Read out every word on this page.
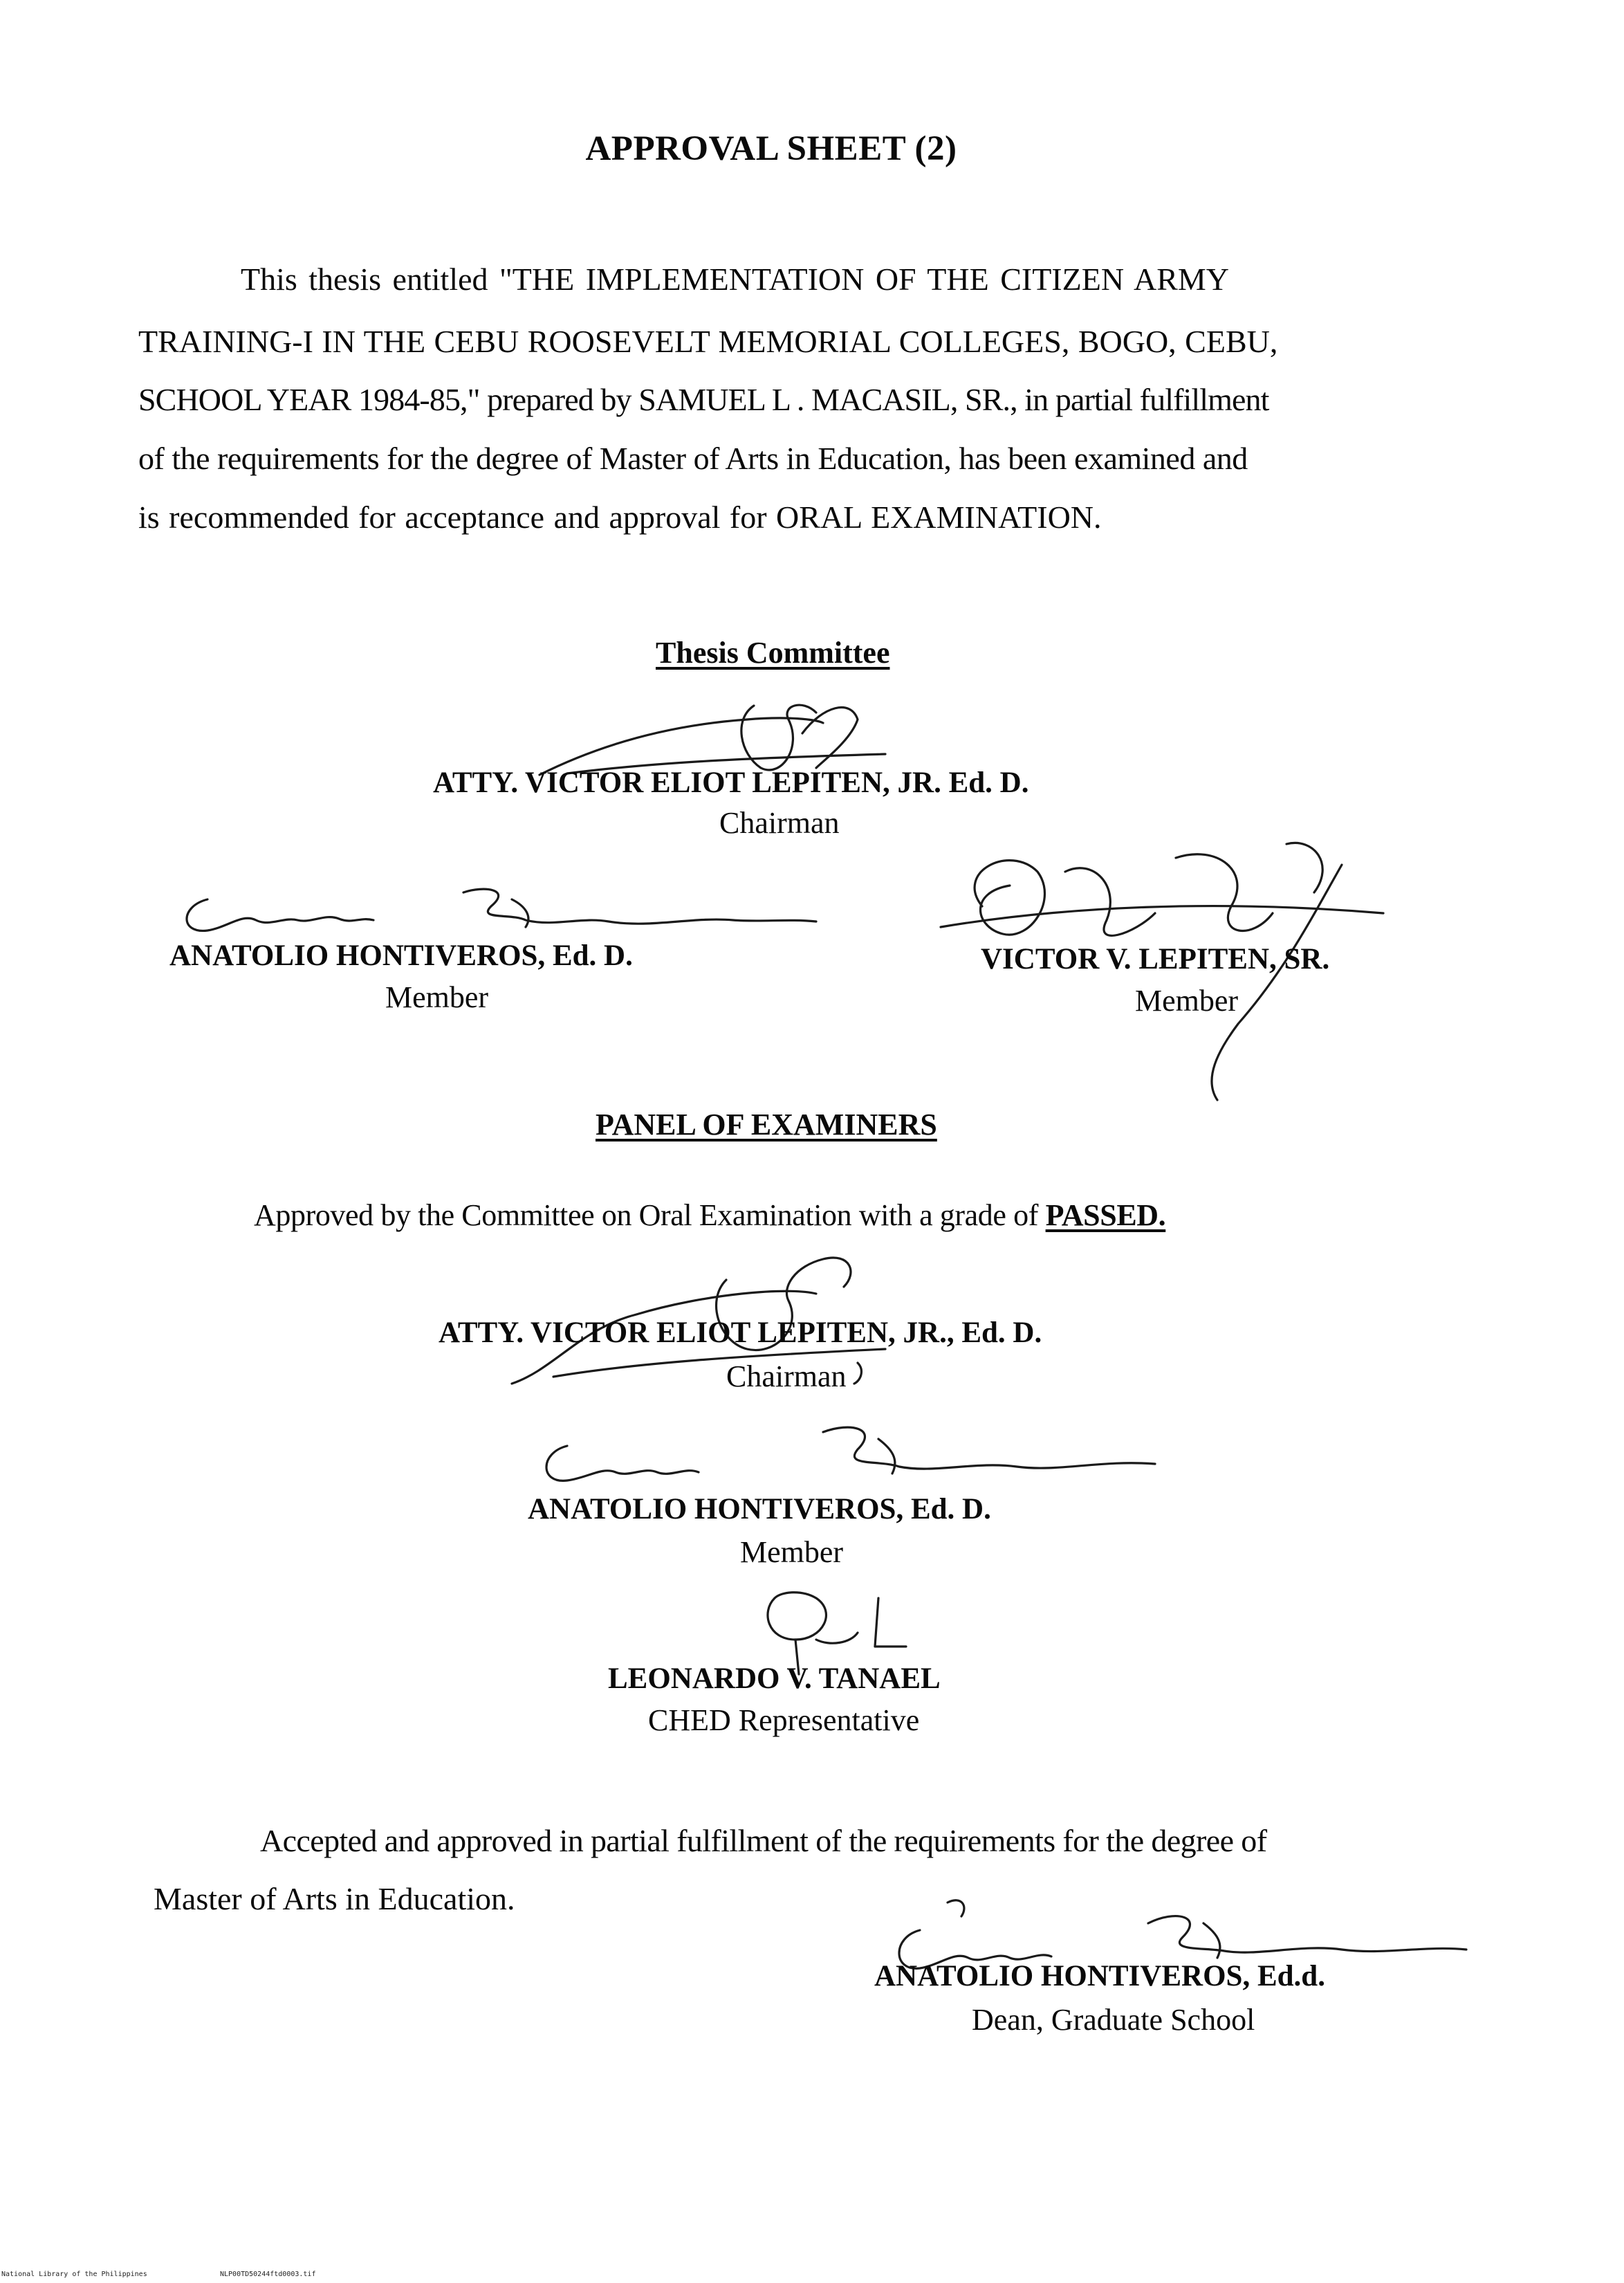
APPROVAL SHEET (2)
This thesis entitled "THE IMPLEMENTATION OF THE CITIZEN ARMY
TRAINING-I IN THE CEBU ROOSEVELT MEMORIAL COLLEGES, BOGO, CEBU,
SCHOOL YEAR 1984-85," prepared by SAMUEL L . MACASIL, SR., in partial fulfillment
of the requirements for the degree of Master of Arts in Education, has been examined and
is recommended for acceptance and approval for ORAL EXAMINATION.
Thesis Committee
ATTY. VICTOR ELIOT LEPITEN, JR. Ed. D.
Chairman
ANATOLIO HONTIVEROS, Ed. D.
Member
VICTOR V. LEPITEN, SR.
Member
PANEL OF EXAMINERS
Approved by the Committee on Oral Examination with a grade of PASSED.
ATTY. VICTOR ELIOT LEPITEN, JR., Ed. D.
Chairman
ANATOLIO HONTIVEROS, Ed. D.
Member
LEONARDO V. TANAEL
CHED Representative
Accepted and approved in partial fulfillment of the requirements for the degree of
Master of Arts in Education.
ANATOLIO HONTIVEROS, Ed.d.
Dean, Graduate School
National Library of the Philippines	NLP00TD50244ftd0003.tif
